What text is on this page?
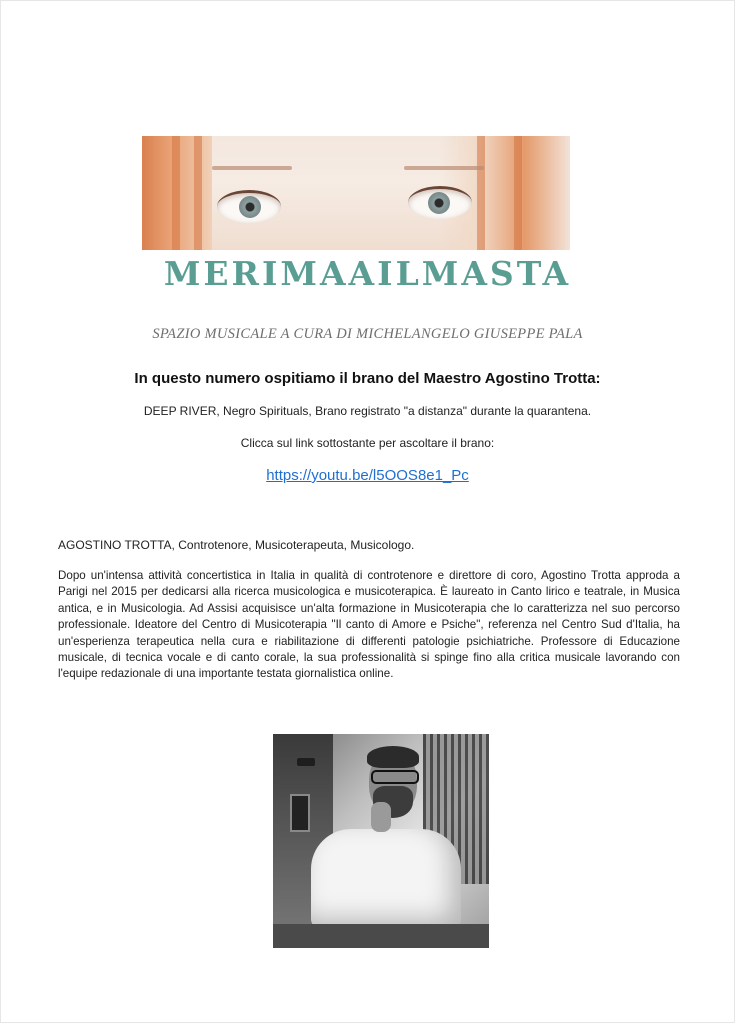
MERIMAAILMASTA
SPAZIO MUSICALE A CURA DI MICHELANGELO GIUSEPPE PALA
In questo numero ospitiamo il brano del Maestro Agostino Trotta:
DEEP RIVER, Negro Spirituals, Brano registrato "a distanza" durante la quarantena.
Clicca sul link sottostante per ascoltare il brano:
https://youtu.be/l5OOS8e1_Pc
AGOSTINO TROTTA, Controtenore, Musicoterapeuta, Musicologo.
Dopo un'intensa attività concertistica in Italia in qualità di controtenore e direttore di coro, Agostino Trotta approda a Parigi nel 2015 per dedicarsi alla ricerca musicologica e musicoterapica. È laureato in Canto lirico e teatrale, in Musica antica, e in Musicologia. Ad Assisi acquisisce un'alta formazione in Musicoterapia che lo caratterizza nel suo percorso professionale. Ideatore del Centro di Musicoterapia "Il canto di Amore e Psiche", referenza nel Centro Sud d'Italia, ha un'esperienza terapeutica nella cura e riabilitazione di differenti patologie psichiatriche. Professore di Educazione musicale, di tecnica vocale e di canto corale, la sua professionalità si spinge fino alla critica musicale lavorando con l'equipe redazionale di una importante testata giornalistica online.
